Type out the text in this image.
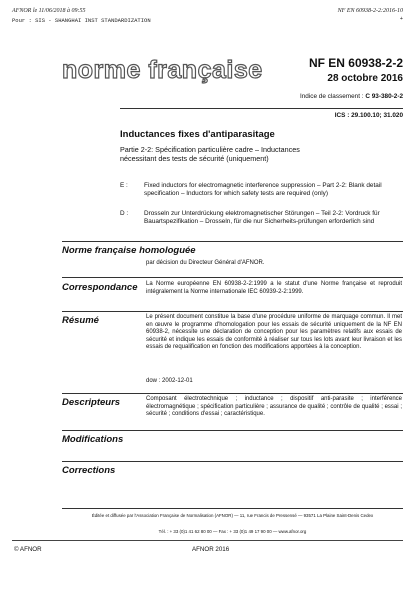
AFNOR le 11/06/2018 à 09:55	NF EN 60938-2-2:2016-10
Pour : SIS - SHANGHAI INST STANDARDIZATION	+
norme française	NF EN 60938-2-2
28 octobre 2016
Indice de classement : C 93-380-2-2
ICS : 29.100.10; 31.020
Inductances fixes d'antiparasitage
Partie 2-2: Spécification particulière cadre – Inductances nécessitant des tests de sécurité (uniquement)
E :	Fixed inductors for electromagnetic interference suppression – Part 2-2: Blank detail specification – Inductors for which safety tests are required (only)
D :	Drosseln zur Unterdrückung elektromagnetischer Störungen – Teil 2-2: Vordruck für Bauartspezifikation – Drosseln, für die nur Sicherheits-prüfungen erforderlich sind
Norme française homologuée
par décision du Directeur Général d'AFNOR.
Correspondance La Norme européenne EN 60938-2-2:1999 a le statut d'une Norme française et reproduit intégralement la Norme internationale IEC 60939-2-2:1999.
Résumé	Le présent document constitue la base d'une procédure uniforme de marquage commun. Il met en œuvre le programme d'homologation pour les essais de sécurité uniquement de la NF EN 60938-2, nécessite une déclaration de conception pour les paramètres relatifs aux essais de sécurité et indique les essais de conformité à réaliser sur tous les lots avant leur livraison et les essais de requalification en fonction des modifications apportées à la conception.
dow : 2002-12-01
Descripteurs	Composant électrotechnique ; inductance ; dispositif anti-parasite ; interférence électromagnétique ; spécification particulière ; assurance de qualité ; contrôle de qualité ; essai ; sécurité ; conditions d'essai ; caractéristique.
Modifications
Corrections
Éditée et diffusée par l'Association Française de Normalisation (AFNOR) — 11, rue Francis de Pressensé — 93571 La Plaine Saint-Denis Cedex
Tél. : + 33 (0)1 41 62 80 00 — Fax : + 33 (0)1 49 17 90 00 — www.afnor.org
© AFNOR	AFNOR 2016
